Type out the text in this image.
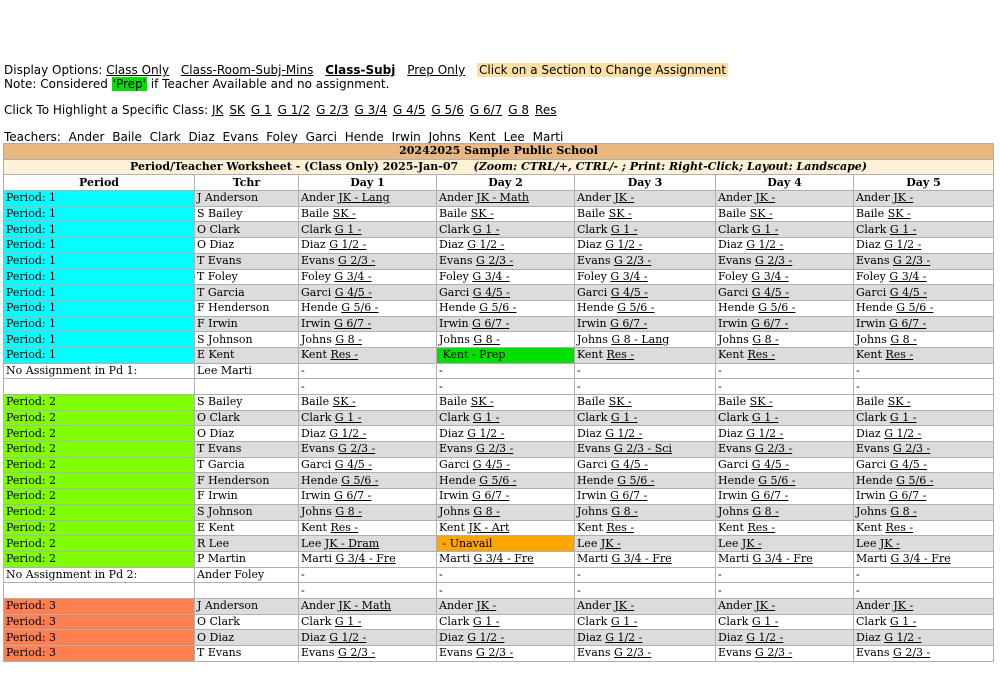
Display Options: Class Only Class-Room-Subj-Mins Class-Subj Prep Only Click on a Section to Change Assignment
Note: Considered 'Prep' if Teacher Available and no assignment.
Click To Highlight a Specific Class: JK SK G 1 G 1/2 G 2/3 G 3/4 G 4/5 G 5/6 G 6/7 G 8 Res
Teachers: Ander Baile Clark Diaz Evans Foley Garci Hende Irwin Johns Kent Lee Marti
20242025 Sample Public School						
Period/Teacher Worksheet - (Class Only) 2025-Jan-07 (Zoom: CTRL/+, CTRL/- ; Print: Right-Click; Layout: Landscape)						
Period	Tchr	Day 1	Day 2	Day 3	Day 4	Day 5
Period: 1	J Anderson	Ander JK - Lang	Ander JK - Math	Ander JK -	Ander JK -	Ander JK -
Period: 1	S Bailey	Baile SK -	Baile SK -	Baile SK -	Baile SK -	Baile SK -
Period: 1	O Clark	Clark G 1 -	Clark G 1 -	Clark G 1 -	Clark G 1 -	Clark G 1 -
Period: 1	O Diaz	Diaz G 1/2 -	Diaz G 1/2 -	Diaz G 1/2 -	Diaz G 1/2 -	Diaz G 1/2 -
Period: 1	T Evans	Evans G 2/3 -	Evans G 2/3 -	Evans G 2/3 -	Evans G 2/3 -	Evans G 2/3 -
Period: 1	T Foley	Foley G 3/4 -	Foley G 3/4 -	Foley G 3/4 -	Foley G 3/4 -	Foley G 3/4 -
Period: 1	T Garcia	Garci G 4/5 -	Garci G 4/5 -	Garci G 4/5 -	Garci G 4/5 -	Garci G 4/5 -
Period: 1	F Henderson	Hende G 5/6 -	Hende G 5/6 -	Hende G 5/6 -	Hende G 5/6 -	Hende G 5/6 -
Period: 1	F Irwin	Irwin G 6/7 -	Irwin G 6/7 -	Irwin G 6/7 -	Irwin G 6/7 -	Irwin G 6/7 -
Period: 1	S Johnson	Johns G 8 -	Johns G 8 -	Johns G 8 - Lang	Johns G 8 -	Johns G 8 -
Period: 1	E Kent	Kent Res -	Kent - Prep	Kent Res -	Kent Res -	Kent Res -
No Assignment in Pd 1:	Lee Marti	-	-	-	-	-
		-	-	-	-	-
Period: 2	S Bailey	Baile SK -	Baile SK -	Baile SK -	Baile SK -	Baile SK -
Period: 2	O Clark	Clark G 1 -	Clark G 1 -	Clark G 1 -	Clark G 1 -	Clark G 1 -
Period: 2	O Diaz	Diaz G 1/2 -	Diaz G 1/2 -	Diaz G 1/2 -	Diaz G 1/2 -	Diaz G 1/2 -
Period: 2	T Evans	Evans G 2/3 -	Evans G 2/3 -	Evans G 2/3 - Sci	Evans G 2/3 -	Evans G 2/3 -
Period: 2	T Garcia	Garci G 4/5 -	Garci G 4/5 -	Garci G 4/5 -	Garci G 4/5 -	Garci G 4/5 -
Period: 2	F Henderson	Hende G 5/6 -	Hende G 5/6 -	Hende G 5/6 -	Hende G 5/6 -	Hende G 5/6 -
Period: 2	F Irwin	Irwin G 6/7 -	Irwin G 6/7 -	Irwin G 6/7 -	Irwin G 6/7 -	Irwin G 6/7 -
Period: 2	S Johnson	Johns G 8 -	Johns G 8 -	Johns G 8 -	Johns G 8 -	Johns G 8 -
Period: 2	E Kent	Kent Res -	Kent JK - Art	Kent Res -	Kent Res -	Kent Res -
Period: 2	R Lee	Lee JK - Dram	- Unavail	Lee JK -	Lee JK -	Lee JK -
Period: 2	P Martin	Marti G 3/4 - Fre	Marti G 3/4 - Fre	Marti G 3/4 - Fre	Marti G 3/4 - Fre	Marti G 3/4 - Fre
No Assignment in Pd 2:	Ander Foley	-	-	-	-	-
		-	-	-	-	-
Period: 3	J Anderson	Ander JK - Math	Ander JK -	Ander JK -	Ander JK -	Ander JK -
Period: 3	O Clark	Clark G 1 -	Clark G 1 -	Clark G 1 -	Clark G 1 -	Clark G 1 -
Period: 3	O Diaz	Diaz G 1/2 -	Diaz G 1/2 -	Diaz G 1/2 -	Diaz G 1/2 -	Diaz G 1/2 -
Period: 3	T Evans	Evans G 2/3 -	Evans G 2/3 -	Evans G 2/3 -	Evans G 2/3 -	Evans G 2/3 -
